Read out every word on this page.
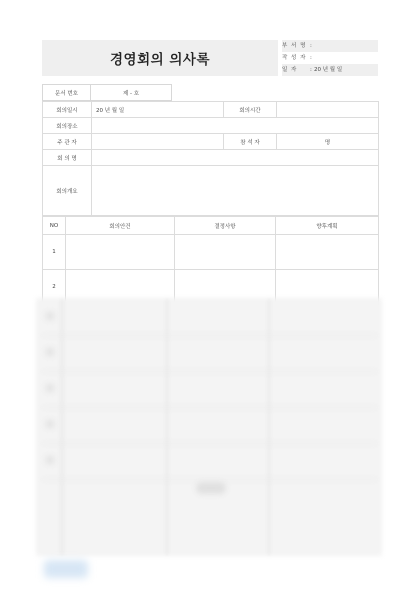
경영회의 의사록
부 서 명 :
작 성 자 :
일 자 : 20 년 월 일
문서 번호	제 - 호
회의일시	20 년 월 일	회의시간	
회의장소			
주 관 자		참 석 자	명
회 의 명			
회의개요			
NO	회의안건	결정사항	향후계획
1			
2			
